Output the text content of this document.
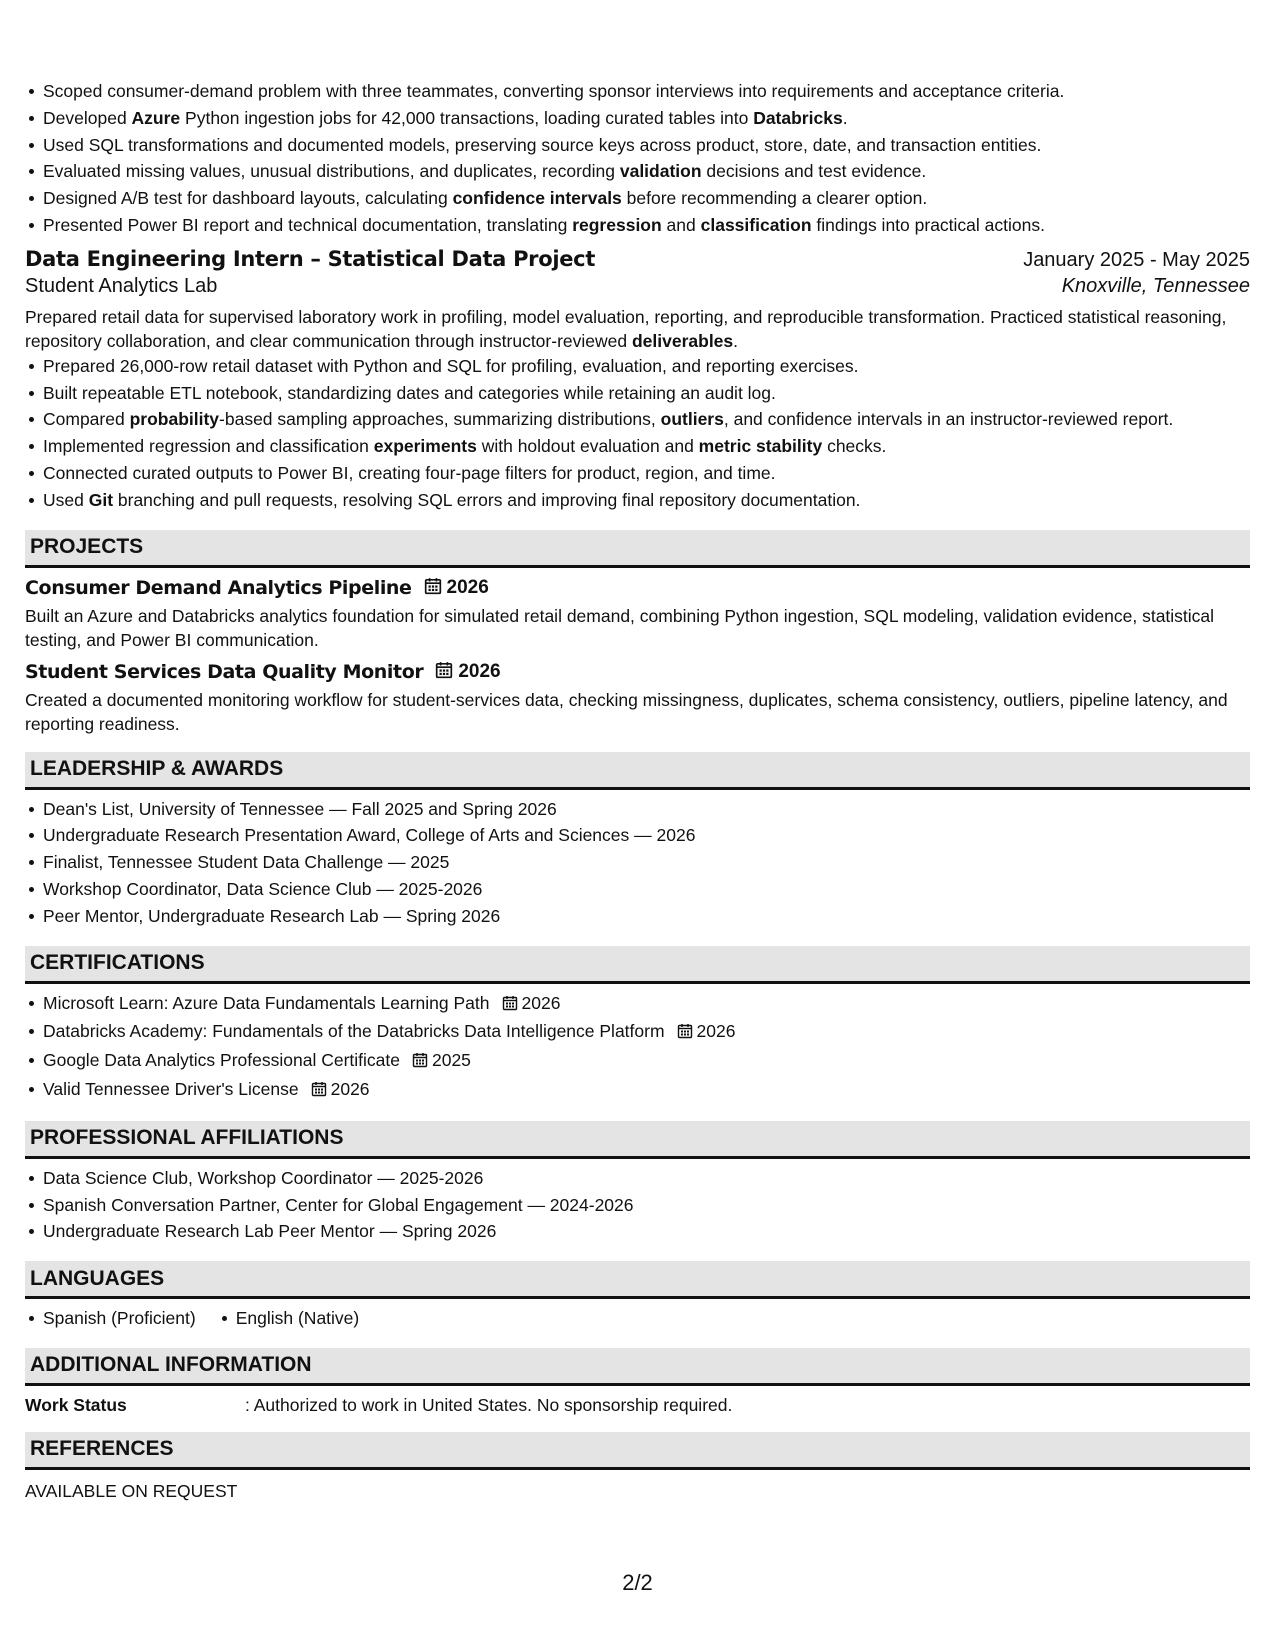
Scoped consumer-demand problem with three teammates, converting sponsor interviews into requirements and acceptance criteria.
Developed Azure Python ingestion jobs for 42,000 transactions, loading curated tables into Databricks.
Used SQL transformations and documented models, preserving source keys across product, store, date, and transaction entities.
Evaluated missing values, unusual distributions, and duplicates, recording validation decisions and test evidence.
Designed A/B test for dashboard layouts, calculating confidence intervals before recommending a clearer option.
Presented Power BI report and technical documentation, translating regression and classification findings into practical actions.
Data Engineering Intern – Statistical Data Project	January 2025 - May 2025
Student Analytics Lab	Knoxville, Tennessee
Prepared retail data for supervised laboratory work in profiling, model evaluation, reporting, and reproducible transformation. Practiced statistical reasoning, repository collaboration, and clear communication through instructor-reviewed deliverables.
Prepared 26,000-row retail dataset with Python and SQL for profiling, evaluation, and reporting exercises.
Built repeatable ETL notebook, standardizing dates and categories while retaining an audit log.
Compared probability-based sampling approaches, summarizing distributions, outliers, and confidence intervals in an instructor-reviewed report.
Implemented regression and classification experiments with holdout evaluation and metric stability checks.
Connected curated outputs to Power BI, creating four-page filters for product, region, and time.
Used Git branching and pull requests, resolving SQL errors and improving final repository documentation.
PROJECTS
Consumer Demand Analytics Pipeline 2026
Built an Azure and Databricks analytics foundation for simulated retail demand, combining Python ingestion, SQL modeling, validation evidence, statistical testing, and Power BI communication.
Student Services Data Quality Monitor 2026
Created a documented monitoring workflow for student-services data, checking missingness, duplicates, schema consistency, outliers, pipeline latency, and reporting readiness.
LEADERSHIP & AWARDS
Dean's List, University of Tennessee — Fall 2025 and Spring 2026
Undergraduate Research Presentation Award, College of Arts and Sciences — 2026
Finalist, Tennessee Student Data Challenge — 2025
Workshop Coordinator, Data Science Club — 2025-2026
Peer Mentor, Undergraduate Research Lab — Spring 2026
CERTIFICATIONS
Microsoft Learn: Azure Data Fundamentals Learning Path 2026
Databricks Academy: Fundamentals of the Databricks Data Intelligence Platform 2026
Google Data Analytics Professional Certificate 2025
Valid Tennessee Driver's License 2026
PROFESSIONAL AFFILIATIONS
Data Science Club, Workshop Coordinator — 2025-2026
Spanish Conversation Partner, Center for Global Engagement — 2024-2026
Undergraduate Research Lab Peer Mentor — Spring 2026
LANGUAGES
Spanish (Proficient) English (Native)
ADDITIONAL INFORMATION
Work Status	: Authorized to work in United States. No sponsorship required.
REFERENCES
AVAILABLE ON REQUEST
2/2
